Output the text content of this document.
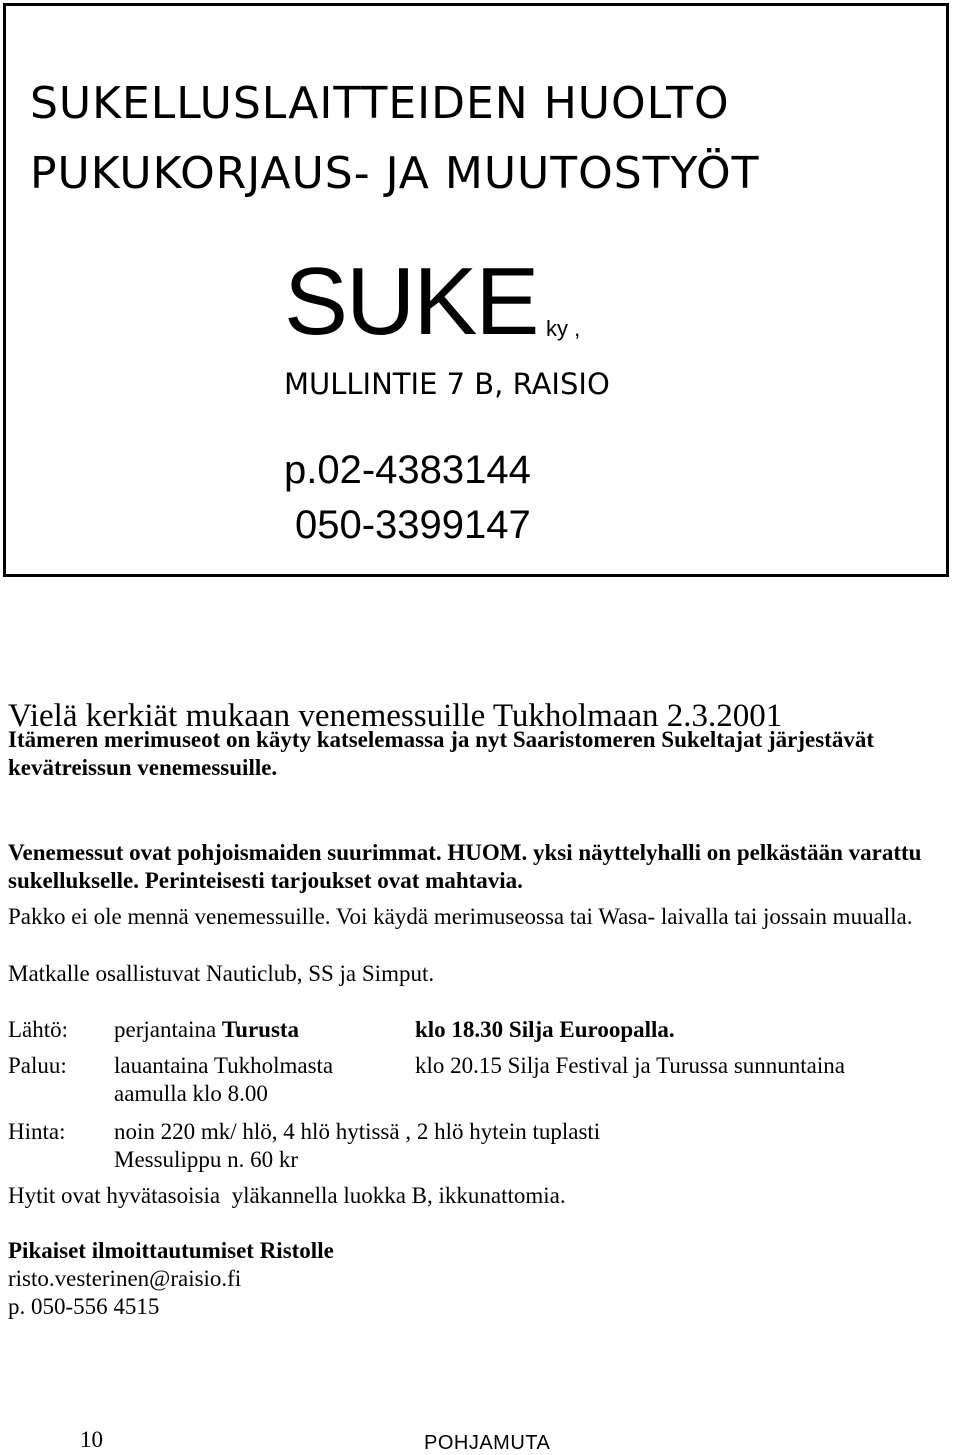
SUKELLUSLAITTEIDEN HUOLTO
PUKUKORJAUS- JA MUUTOSTYÖT
SUKE ky ,
MULLINTIE 7 B, RAISIO
p.02-4383144
050-3399147
Vielä kerkiät mukaan venemessuille Tukholmaan 2.3.2001
Itämeren merimuseot on käyty katselemassa ja nyt Saaristomeren Sukeltajat järjestävät kevätreissun venemessuille.
Venemessut ovat pohjoismaiden suurimmat. HUOM. yksi näyttelyhalli on pelkästään varattu sukellukselle. Perinteisesti tarjoukset ovat mahtavia.
Pakko ei ole mennä venemessuille. Voi käydä merimuseossa tai Wasa- laivalla tai jossain muualla.
Matkalle osallistuvat Nauticlub, SS ja Simput.
Lähtö: perjantaina Turusta	klo 18.30 Silja Euroopalla.
Paluu: lauantaina Tukholmasta	klo 20.15 Silja Festival ja Turussa sunnuntaina
aamulla klo 8.00
Hinta: noin 220 mk/ hlö, 4 hlö hytissä , 2 hlö hytein tuplasti
Messulippu n. 60 kr
Hytit ovat hyvätasoisia  yläkannella luokka B, ikkunattomia.
Pikaiset ilmoittautumiset Ristolle
risto.vesterinen@raisio.fi
p. 050-556 4515
10	POHJAMUTA
